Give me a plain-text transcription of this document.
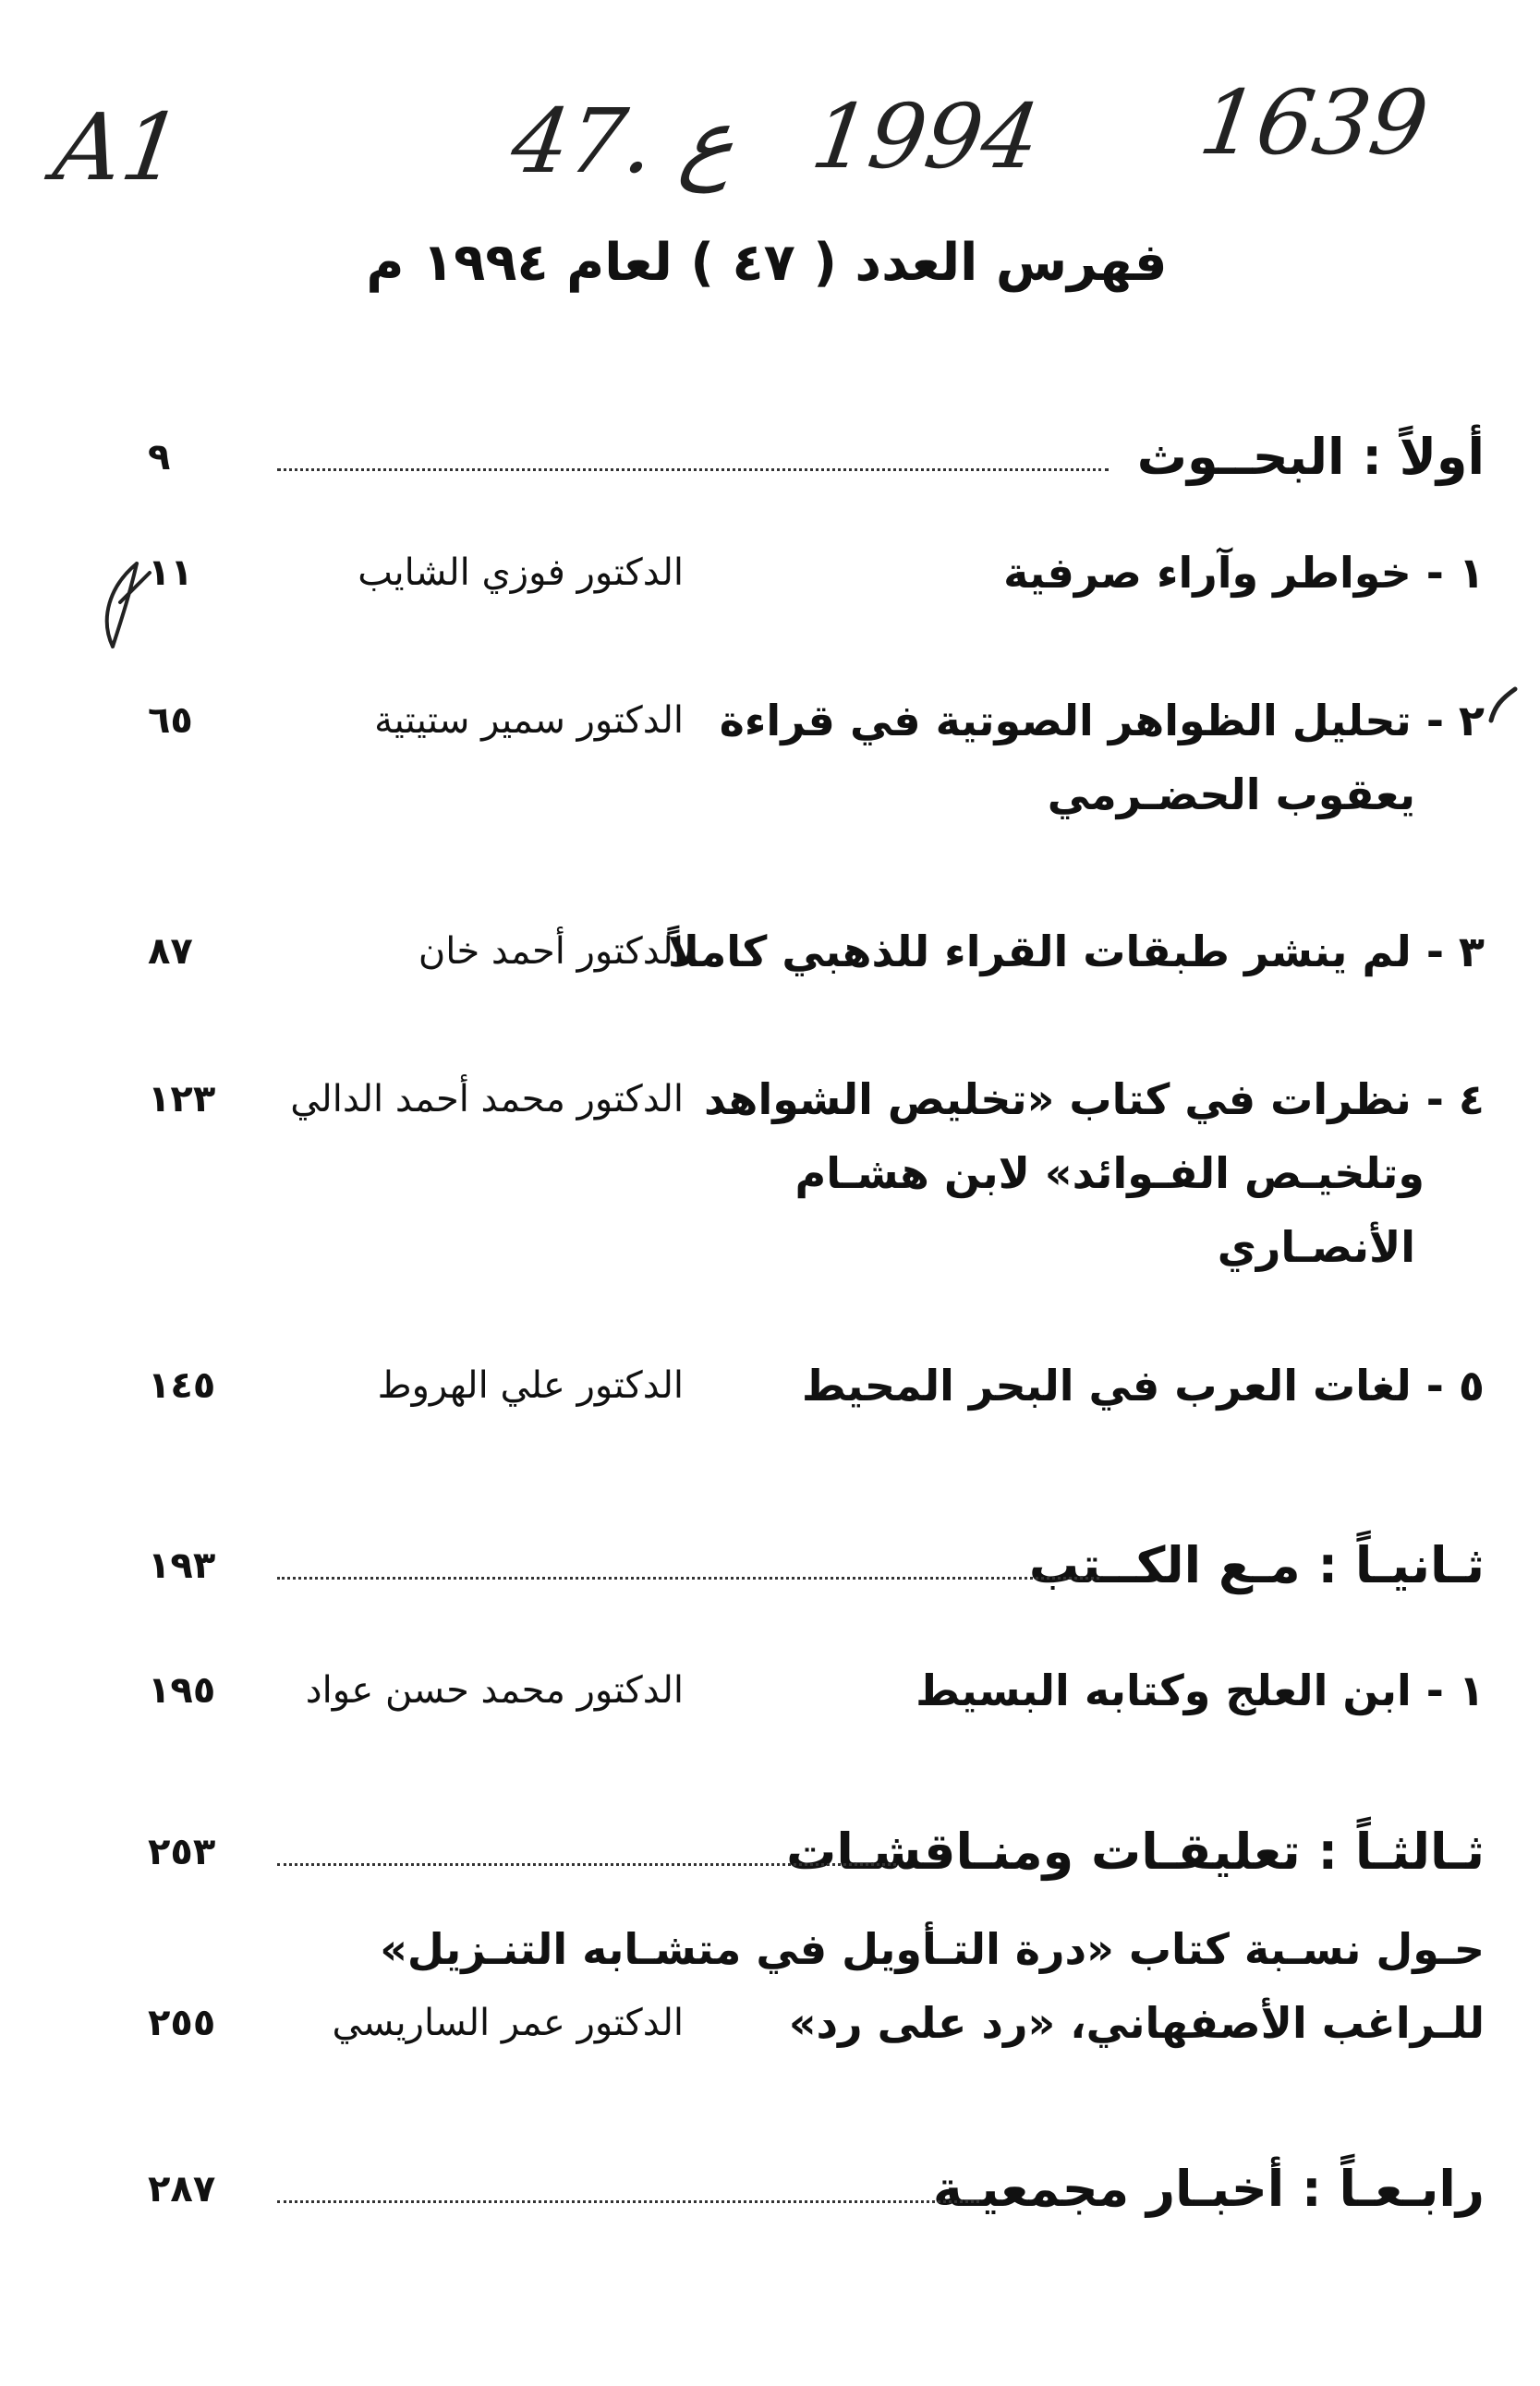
A1	47. ع 1994 1639
فهرس العدد ( ٤٧ ) لعام ١٩٩٤ م
أولاً : البحــوث
٩
١ - خواطر وآراء صرفية
الدكتور فوزي الشايب
١١
٢ - تحليل الظواهر الصوتية في قراءة
يعقوب الحضـرمي
الدكتور سمير ستيتية
٦٥
٣ - لم ينشر طبقات القراء للذهبي كاملاً
الدكتور أحمد خان
٨٧
٤ - نظرات في كتاب «تخليص الشواهد
وتلخيـص الفـوائد» لابن هشـام
الأنصـاري
الدكتور محمد أحمد الدالي
١٢٣
٥ - لغات العرب في البحر المحيط
الدكتور علي الهروط
١٤٥
ثـانيـاً : مـع الكــتب
١٩٣
١ - ابن العلج وكتابه البسيط
الدكتور محمد حسن عواد
١٩٥
ثـالثـاً : تعليقـات ومنـاقشـات
٢٥٣
حـول نسـبة كتاب «درة التـأويل في متشـابه التنـزيل»
للـراغب الأصفهاني، «رد على رد»
الدكتور عمر الساريسي
٢٥٥
رابـعـاً : أخبـار مجمعيـة
٢٨٧
